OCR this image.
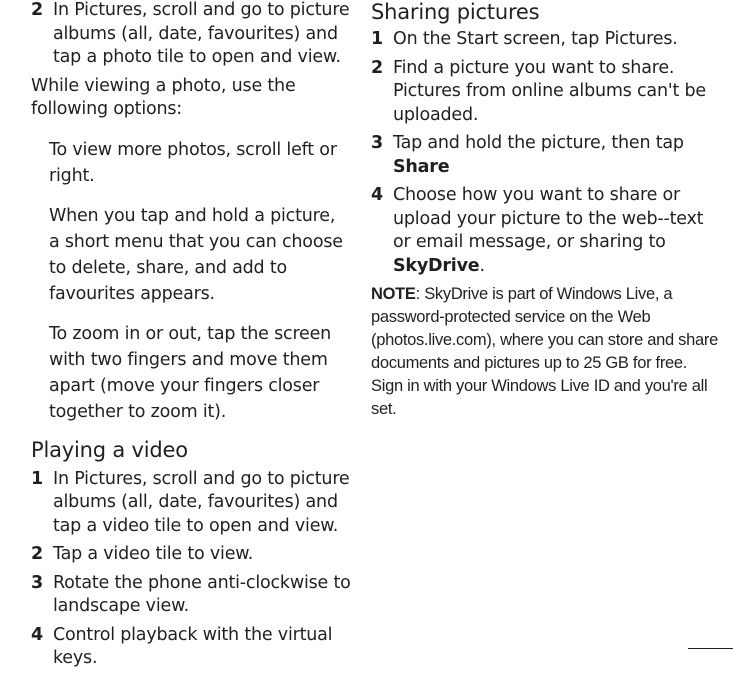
2 In Pictures, scroll and go to picture albums (all, date, favourites) and tap a photo tile to open and view.
While viewing a photo, use the following options:
To view more photos, scroll left or right.
When you tap and hold a picture, a short menu that you can choose to delete, share, and add to favourites appears.
To zoom in or out, tap the screen with two fingers and move them apart (move your fingers closer together to zoom it).
Playing a video
1 In Pictures, scroll and go to picture albums (all, date, favourites) and tap a video tile to open and view.
2 Tap a video tile to view.
3 Rotate the phone anti-clockwise to landscape view.
4 Control playback with the virtual keys.
Sharing pictures
1 On the Start screen, tap Pictures.
2 Find a picture you want to share. Pictures from online albums can't be uploaded.
3 Tap and hold the picture, then tap
Share
4 Choose how you want to share or upload your picture to the web--text or email message, or sharing to
SkyDrive.
NOTE: SkyDrive is part of Windows Live, a password-protected service on the Web (photos.live.com), where you can store and share documents and pictures up to 25 GB for free. Sign in with your Windows Live ID and you're all set.
